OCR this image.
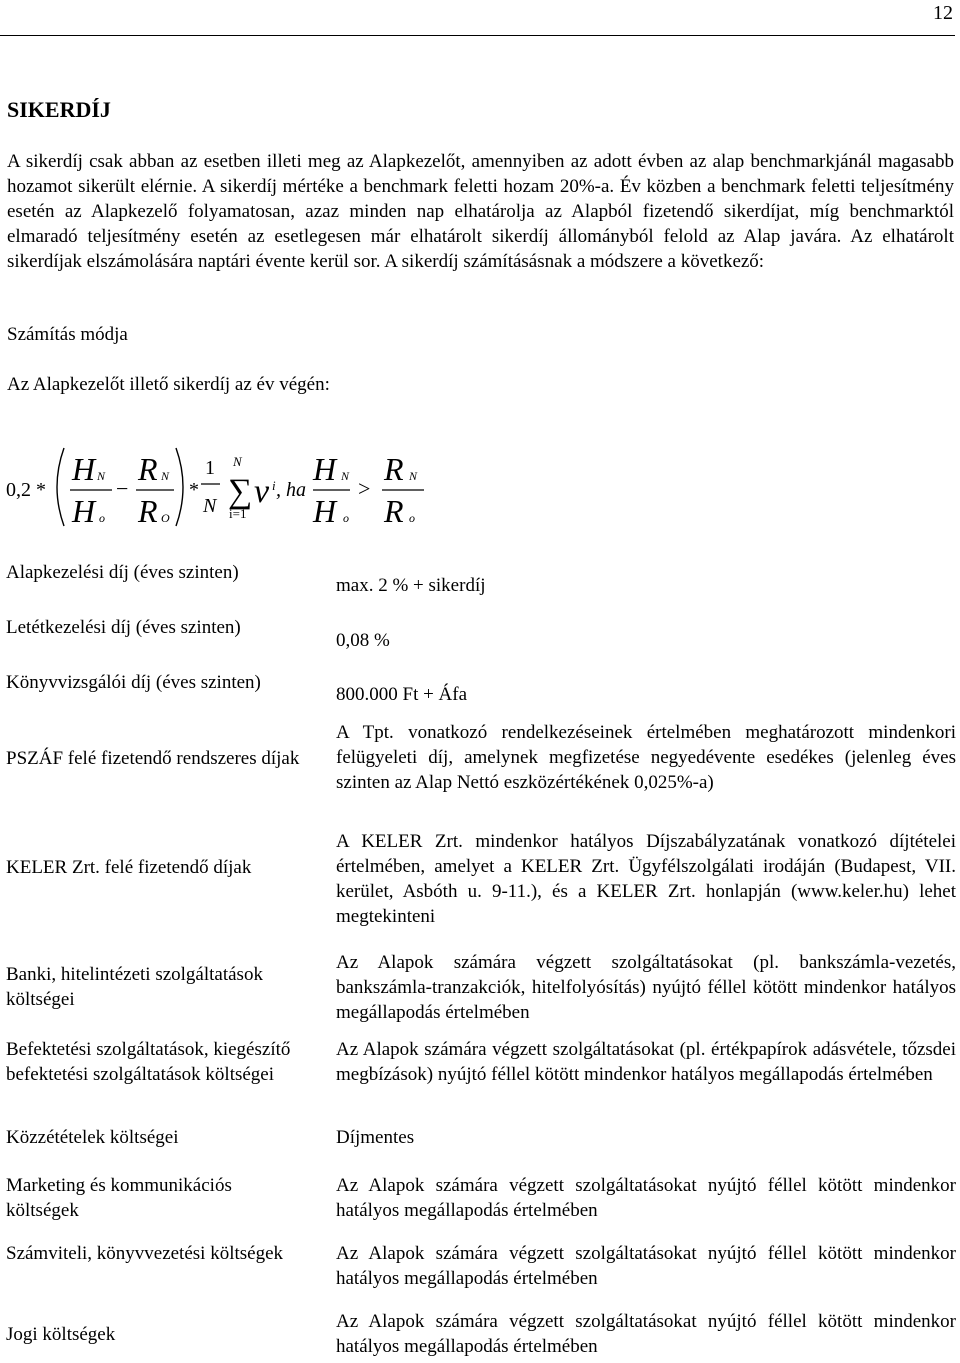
12
SIKERDÍJ

A sikerdíj csak abban az esetben illeti meg az Alapkezelőt, amennyiben az adott évben az alap benchmarkjánál magasabb hozamot sikerült elérnie. A sikerdíj mértéke a benchmark feletti hozam 20%-a. Év közben a benchmark feletti teljesítmény esetén az Alapkezelő folyamatosan, azaz minden nap elhatárolja az Alapból fizetendő sikerdíjat, míg benchmarktól elmaradó teljesítmény esetén az esetlegesen már elhatárolt sikerdíj állományból felold az Alap javára. Az elhatárolt sikerdíjak elszámolására naptári évente kerül sor. A sikerdíj számításásnak a módszere a következő:

Számítás módja

Az Alapkezelőt illető sikerdíj az év végén:

0,2 *
H N
H o
−
R N
R O
*
1
N
N
∑
i=1
v i , ha
H N
H o
>
R N
R o

Alapkezelési díj (éves szinten)

max. 2 % + sikerdíj

Letétkezelési díj (éves szinten)

0,08 %

Könyvvizsgálói díj (éves szinten)

800.000 Ft + Áfa

PSZÁF felé fizetendő rendszeres díjak

A Tpt. vonatkozó rendelkezéseinek értelmében meghatározott mindenkori felügyeleti díj, amelynek megfizetése negyedévente esedékes (jelenleg éves szinten az Alap Nettó eszközértékének 0,025%-a)

KELER Zrt. felé fizetendő díjak

A KELER Zrt. mindenkor hatályos Díjszabályzatának vonatkozó díjtételei értelmében, amelyet a KELER Zrt. Ügyfélszolgálati irodáján (Budapest, VII. kerület, Asbóth u. 9-11.), és a KELER Zrt. honlapján (www.keler.hu) lehet megtekinteni

Banki, hitelintézeti szolgáltatások költségei

Az Alapok számára végzett szolgáltatásokat (pl. bankszámla-vezetés, bankszámla-tranzakciók, hitelfolyósítás) nyújtó féllel kötött mindenkor hatályos megállapodás értelmében

Befektetési szolgáltatások, kiegészítő befektetési szolgáltatások költségei

Az Alapok számára végzett szolgáltatásokat (pl. értékpapírok adásvétele, tőzsdei megbízások) nyújtó féllel kötött mindenkor hatályos megállapodás értelmében

Közzétételek költségei	Díjmentes

Marketing és kommunikációs költségek

Az Alapok számára végzett szolgáltatásokat nyújtó féllel kötött mindenkor hatályos megállapodás értelmében

Számviteli, könyvvezetési költségek	Az Alapok számára végzett szolgáltatásokat nyújtó féllel kötött mindenkor hatályos megállapodás értelmében

Jogi költségek

Az Alapok számára végzett szolgáltatásokat nyújtó féllel kötött mindenkor hatályos megállapodás értelmében
